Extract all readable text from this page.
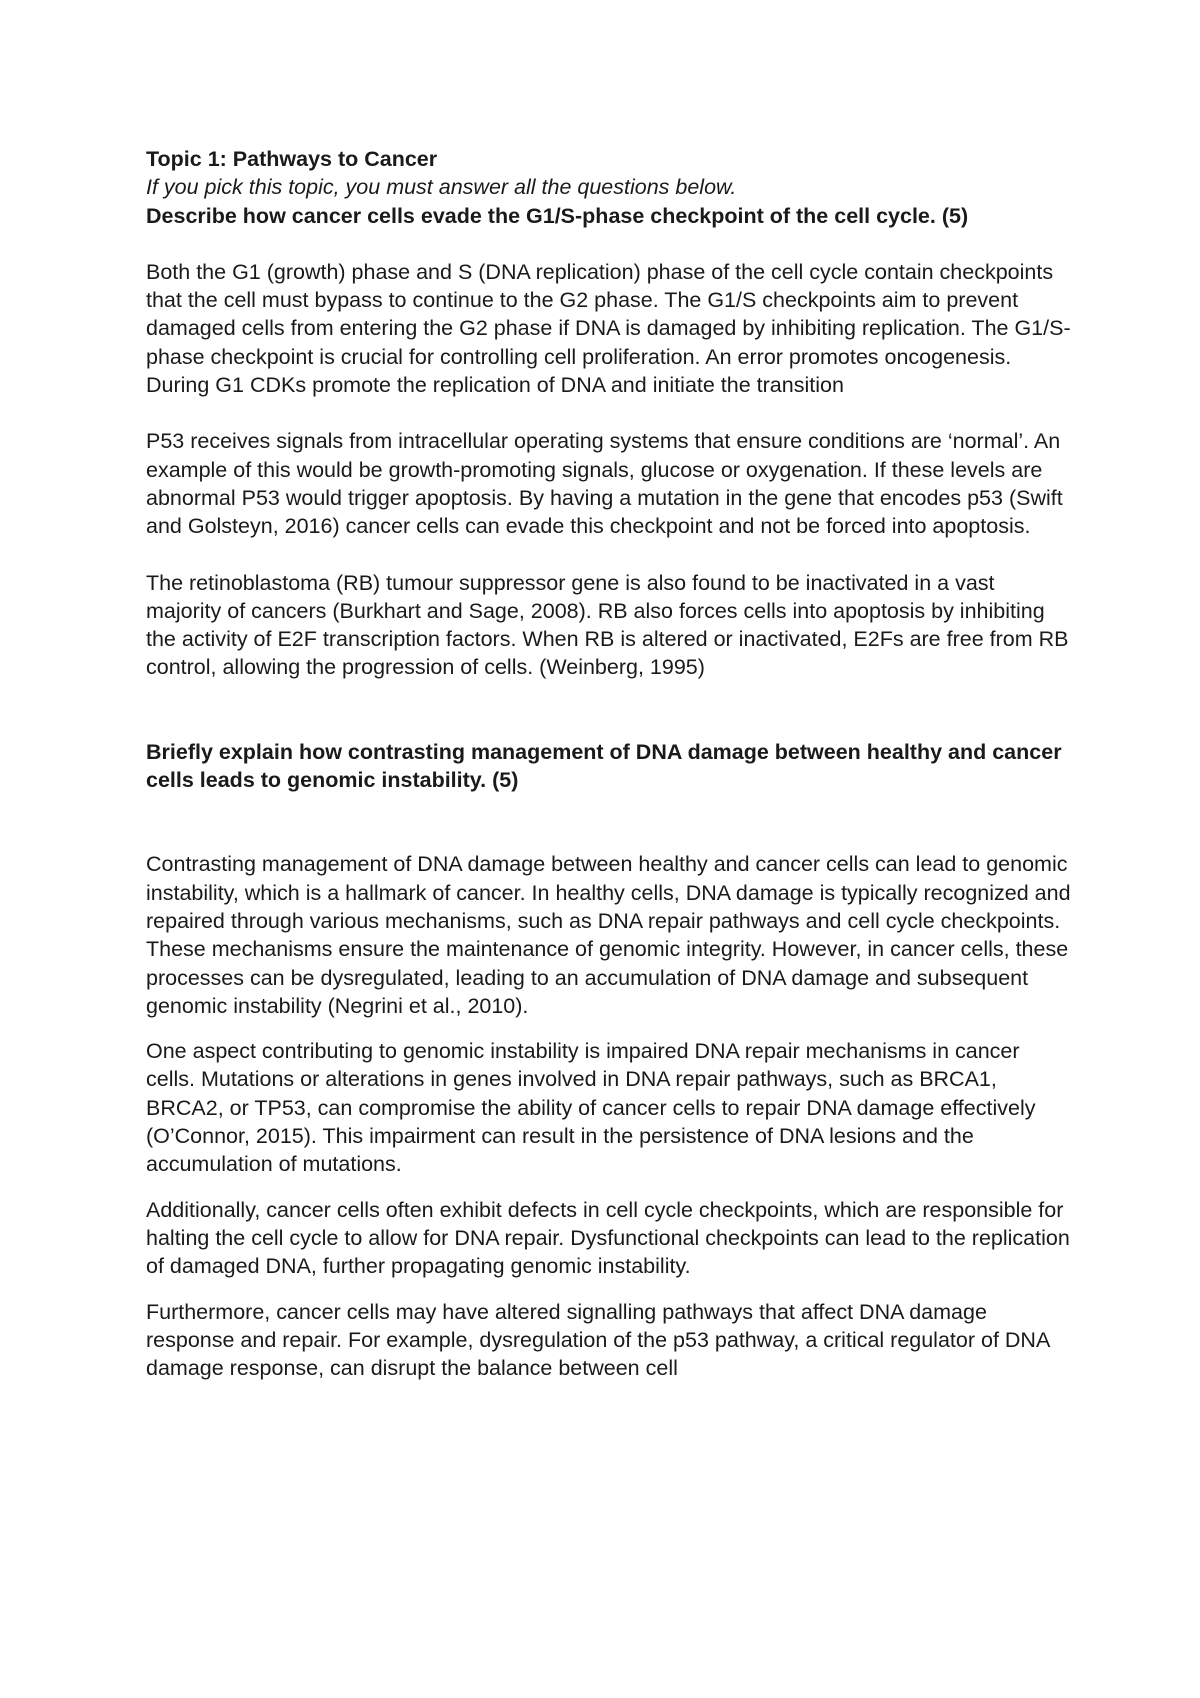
Topic 1: Pathways to Cancer

If you pick this topic, you must answer all the questions below.

Describe how cancer cells evade the G1/S-phase checkpoint of the cell cycle. (5)

Both the G1 (growth) phase and S (DNA replication) phase of the cell cycle contain checkpoints that the cell must bypass to continue to the G2 phase. The G1/S checkpoints aim to prevent damaged cells from entering the G2 phase if DNA is damaged by inhibiting replication. The G1/S-phase checkpoint is crucial for controlling cell proliferation. An error promotes oncogenesis. During G1 CDKs promote the replication of DNA and initiate the transition

P53 receives signals from intracellular operating systems that ensure conditions are ‘normal’. An example of this would be growth-promoting signals, glucose or oxygenation. If these levels are abnormal P53 would trigger apoptosis. By having a mutation in the gene that encodes p53 (Swift and Golsteyn, 2016) cancer cells can evade this checkpoint and not be forced into apoptosis.

The retinoblastoma (RB) tumour suppressor gene is also found to be inactivated in a vast majority of cancers (Burkhart and Sage, 2008). RB also forces cells into apoptosis by inhibiting the activity of E2F transcription factors. When RB is altered or inactivated, E2Fs are free from RB control, allowing the progression of cells. (Weinberg, 1995)

Briefly explain how contrasting management of DNA damage between healthy and cancer cells leads to genomic instability. (5)

Contrasting management of DNA damage between healthy and cancer cells can lead to genomic instability, which is a hallmark of cancer. In healthy cells, DNA damage is typically recognized and repaired through various mechanisms, such as DNA repair pathways and cell cycle checkpoints. These mechanisms ensure the maintenance of genomic integrity. However, in cancer cells, these processes can be dysregulated, leading to an accumulation of DNA damage and subsequent genomic instability (Negrini et al., 2010).

One aspect contributing to genomic instability is impaired DNA repair mechanisms in cancer cells. Mutations or alterations in genes involved in DNA repair pathways, such as BRCA1, BRCA2, or TP53, can compromise the ability of cancer cells to repair DNA damage effectively (O’Connor, 2015). This impairment can result in the persistence of DNA lesions and the accumulation of mutations.

Additionally, cancer cells often exhibit defects in cell cycle checkpoints, which are responsible for halting the cell cycle to allow for DNA repair. Dysfunctional checkpoints can lead to the replication of damaged DNA, further propagating genomic instability.

Furthermore, cancer cells may have altered signalling pathways that affect DNA damage response and repair. For example, dysregulation of the p53 pathway, a critical regulator of DNA damage response, can disrupt the balance between cell
